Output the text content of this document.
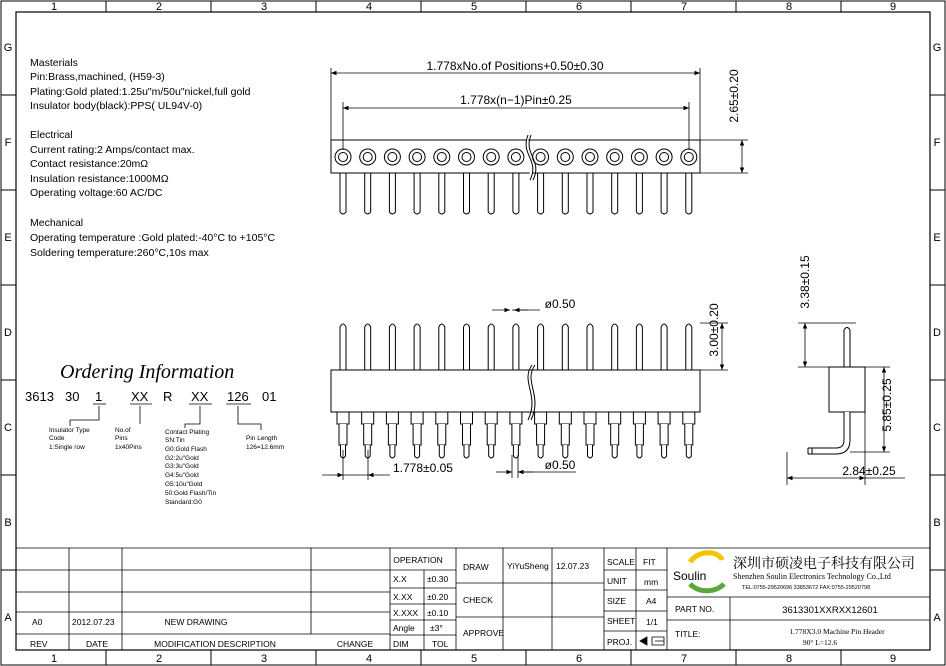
1	2	3	4	5	6	7	8	9
1	2	3	4	5	6	7	8	9
G
F
E
D
C
B
A
G
F
E
D
C
B
A
Masterials
Pin:Brass,machined, (H59-3)
Plating:Gold plated:1.25u"m/50u"nickel,full gold
Insulator body(black):PPS( UL94V-0)
Electrical
Current rating:2 Amps/contact max.
Contact resistance:20mΩ
Insulation resistance:1000MΩ
Operating voltage:60 AC/DC
Mechanical
Operating temperature :Gold plated:-40°C to +105°C
Soldering temperature:260°C,10s max
Ordering Information
3613 30 1 XX R XX 126 01
Insulator Type
Code
1:Single row
No.of
Pins
1x40Pins
Contact Plating
SN:Tin
G0:Gold Flash
G2:2u"Gold
G3:3u"Gold
G4:5u"Gold
G5:10u"Gold
50:Gold Flash/Tin
Standard:G0
Pin Length
126=12.6mm
1.778xNo.of Positions+0.50±0.30
1.778x(n−1)Pin±0.25	2.65±0.20
ø0.50	3.00±0.20
1.778±0.05	ø0.50
3.38±0.15
5.85±0.25
2.84±0.25
A0	2012.07.23	NEW DRAWING
REV	DATE	MODIFICATION DESCRIPTION	CHANGE
OPERATION
X.X ±0.30
X.XX ±0.20
X.XXX ±0.10
Angle ±3°
DIM	TOL
DRAW
CHECK
APPROVE
YiYuSheng 12.07.23 SCALE FIT
UNIT mm
SIZE A4
SHEET 1/1
PROJ.
PART NO.	3613301XXRXX12601
TITLE:	1.778X3.0 Machine Pin Header
90° L=12.6
Soulin
深圳市硕凌电子科技有限公司
Shenzhen Soulin Electronics Technology Co.,Ltd
TEL:0755-29520696 33853672 FAX:0755-29520798
